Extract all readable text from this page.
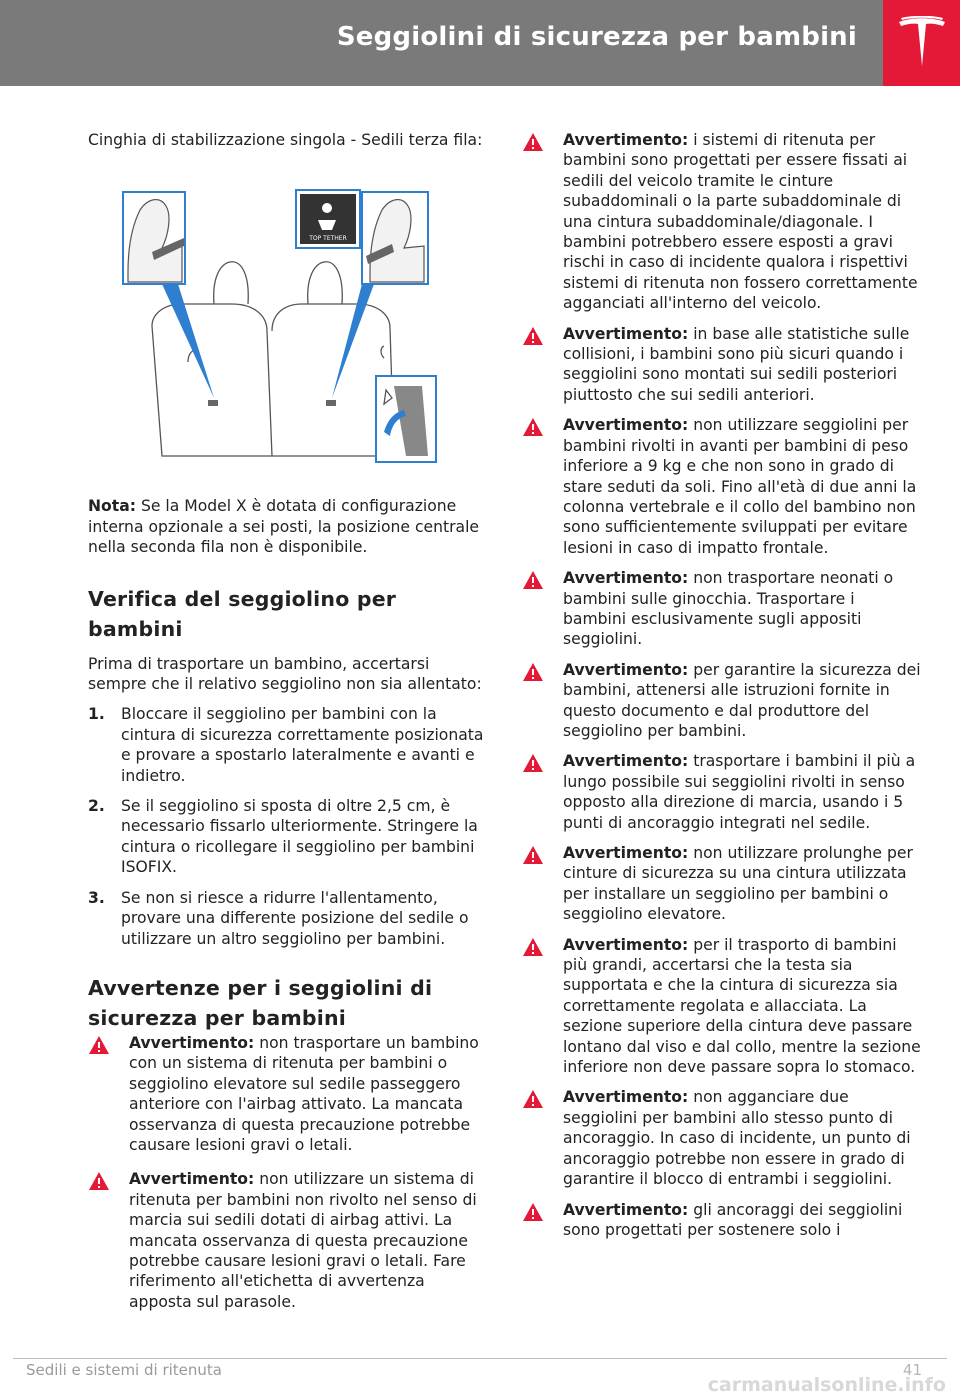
Seggiolini di sicurezza per bambini

Cinghia di stabilizzazione singola - Sedili terza fila:

TOP TETHER

Nota: Se la Model X è dotata di configurazione interna opzionale a sei posti, la posizione centrale nella seconda fila non è disponibile.

Verifica del seggiolino per bambini

Prima di trasportare un bambino, accertarsi sempre che il relativo seggiolino non sia allentato:

1. Bloccare il seggiolino per bambini con la cintura di sicurezza correttamente posizionata e provare a spostarlo lateralmente e avanti e indietro.
2. Se il seggiolino si sposta di oltre 2,5 cm, è necessario fissarlo ulteriormente. Stringere la cintura o ricollegare il seggiolino per bambini ISOFIX.
3. Se non si riesce a ridurre l'allentamento, provare una differente posizione del sedile o utilizzare un altro seggiolino per bambini.
Avvertenze per i seggiolini di sicurezza per bambini
Avvertimento: non trasportare un bambino con un sistema di ritenuta per bambini o seggiolino elevatore sul sedile passeggero anteriore con l'airbag attivato. La mancata osservanza di questa precauzione potrebbe causare lesioni gravi o letali.
Avvertimento: non utilizzare un sistema di ritenuta per bambini non rivolto nel senso di marcia sui sedili dotati di airbag attivi. La mancata osservanza di questa precauzione potrebbe causare lesioni gravi o letali. Fare riferimento all'etichetta di avvertenza apposta sul parasole.
Avvertimento: i sistemi di ritenuta per bambini sono progettati per essere fissati ai sedili del veicolo tramite le cinture subaddominali o la parte subaddominale di una cintura subaddominale/diagonale. I bambini potrebbero essere esposti a gravi rischi in caso di incidente qualora i rispettivi sistemi di ritenuta non fossero correttamente agganciati all'interno del veicolo.
Avvertimento: in base alle statistiche sulle collisioni, i bambini sono più sicuri quando i seggiolini sono montati sui sedili posteriori piuttosto che sui sedili anteriori.
Avvertimento: non utilizzare seggiolini per bambini rivolti in avanti per bambini di peso inferiore a 9 kg e che non sono in grado di stare seduti da soli. Fino all'età di due anni la colonna vertebrale e il collo del bambino non sono sufficientemente sviluppati per evitare lesioni in caso di impatto frontale.
Avvertimento: non trasportare neonati o bambini sulle ginocchia. Trasportare i bambini esclusivamente sugli appositi seggiolini.
Avvertimento: per garantire la sicurezza dei bambini, attenersi alle istruzioni fornite in questo documento e dal produttore del seggiolino per bambini.
Avvertimento: trasportare i bambini il più a lungo possibile sui seggiolini rivolti in senso opposto alla direzione di marcia, usando i 5 punti di ancoraggio integrati nel sedile.
Avvertimento: non utilizzare prolunghe per cinture di sicurezza su una cintura utilizzata per installare un seggiolino per bambini o seggiolino elevatore.
Avvertimento: per il trasporto di bambini più grandi, accertarsi che la testa sia supportata e che la cintura di sicurezza sia correttamente regolata e allacciata. La sezione superiore della cintura deve passare lontano dal viso e dal collo, mentre la sezione inferiore non deve passare sopra lo stomaco.
Avvertimento: non agganciare due seggiolini per bambini allo stesso punto di ancoraggio. In caso di incidente, un punto di ancoraggio potrebbe non essere in grado di garantire il blocco di entrambi i seggiolini.
Avvertimento: gli ancoraggi dei seggiolini sono progettati per sostenere solo i
Sedili e sistemi di ritenuta	41
carmanualsonline.info
